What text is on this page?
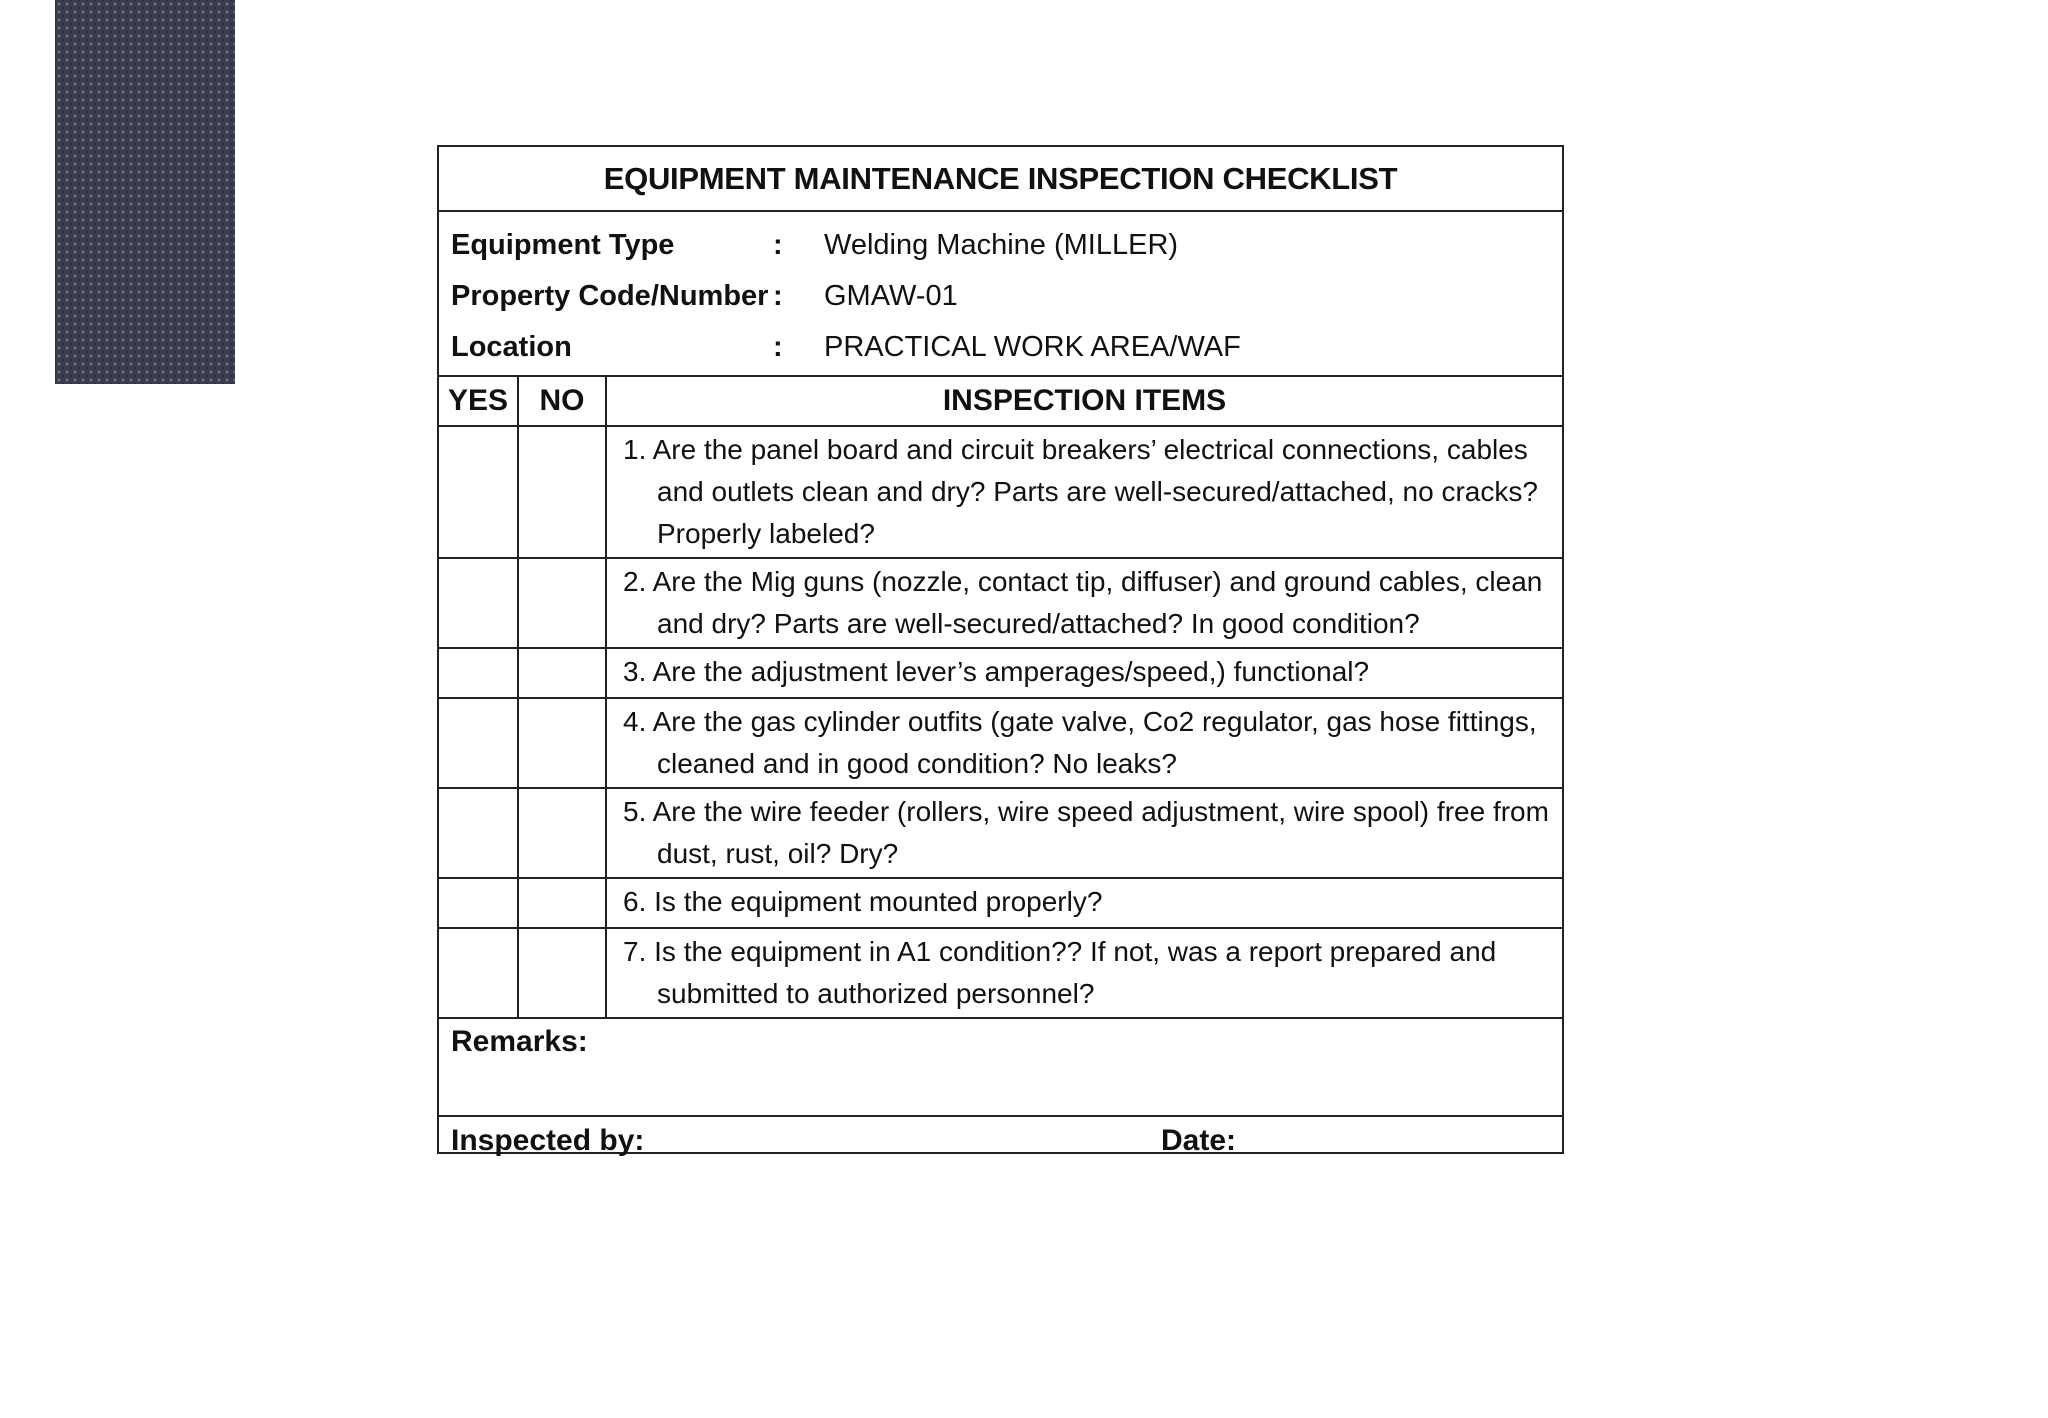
EQUIPMENT MAINTENANCE INSPECTION CHECKLIST
Equipment Type	:	Welding Machine (MILLER)
Property Code/Number :	GMAW-01
Location	:	PRACTICAL WORK AREA/WAF
YES	NO	INSPECTION ITEMS

		1. Are the panel board and circuit breakers’ electrical connections, cables and outlets clean and dry? Parts are well-secured/attached, no cracks? Properly labeled?

		2. Are the Mig guns (nozzle, contact tip, diffuser) and ground cables, clean and dry? Parts are well-secured/attached? In good condition?

		3. Are the adjustment lever’s amperages/speed,) functional?

		4. Are the gas cylinder outfits (gate valve, Co2 regulator, gas hose fittings, cleaned and in good condition? No leaks?

		5. Are the wire feeder (rollers, wire speed adjustment, wire spool) free from dust, rust, oil? Dry?

		6. Is the equipment mounted properly?

		7. Is the equipment in A1 condition?? If not, was a report prepared and submitted to authorized personnel?
Remarks:
Inspected by:	Date:
